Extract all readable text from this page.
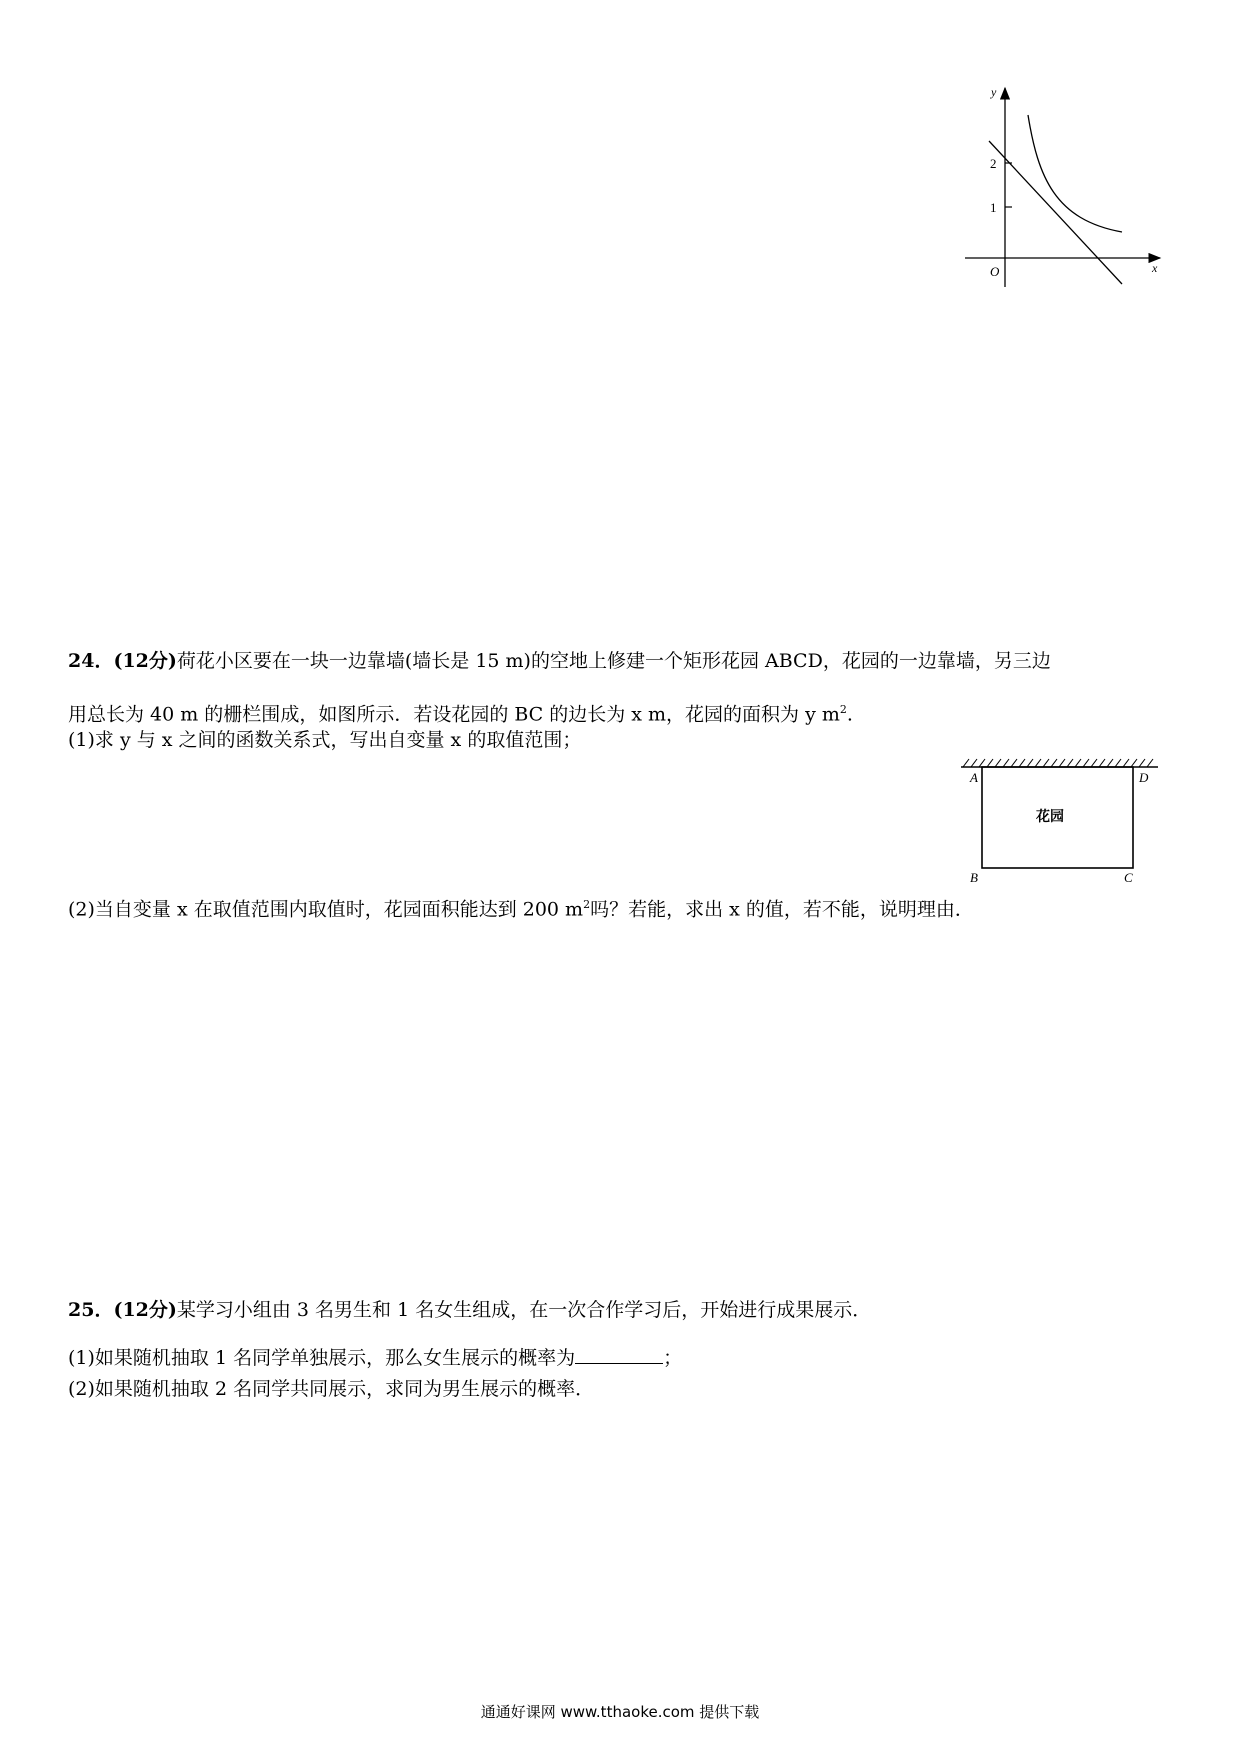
y
x
O
2
1
24．(12分)荷花小区要在一块一边靠墙(墙长是 15 m)的空地上修建一个矩形花园 ABCD，花园的一边靠墙，另三边
用总长为 40 m 的栅栏围成，如图所示．若设花园的 BC 的边长为 x m，花园的面积为 y $m^2$.
(1)求 y 与 x 之间的函数关系式，写出自变量 x 的取值范围；
A	D
B	C
花园
(2)当自变量 x 在取值范围内取值时，花园面积能达到 200 $m^2$吗？若能，求出 x 的值，若不能，说明理由．
25．(12分)某学习小组由 3 名男生和 1 名女生组成，在一次合作学习后，开始进行成果展示．
(1)如果随机抽取 1 名同学单独展示，那么女生展示的概率为	；
(2)如果随机抽取 2 名同学共同展示，求同为男生展示的概率．
通通好课网 www.tthaoke.com 提供下载
